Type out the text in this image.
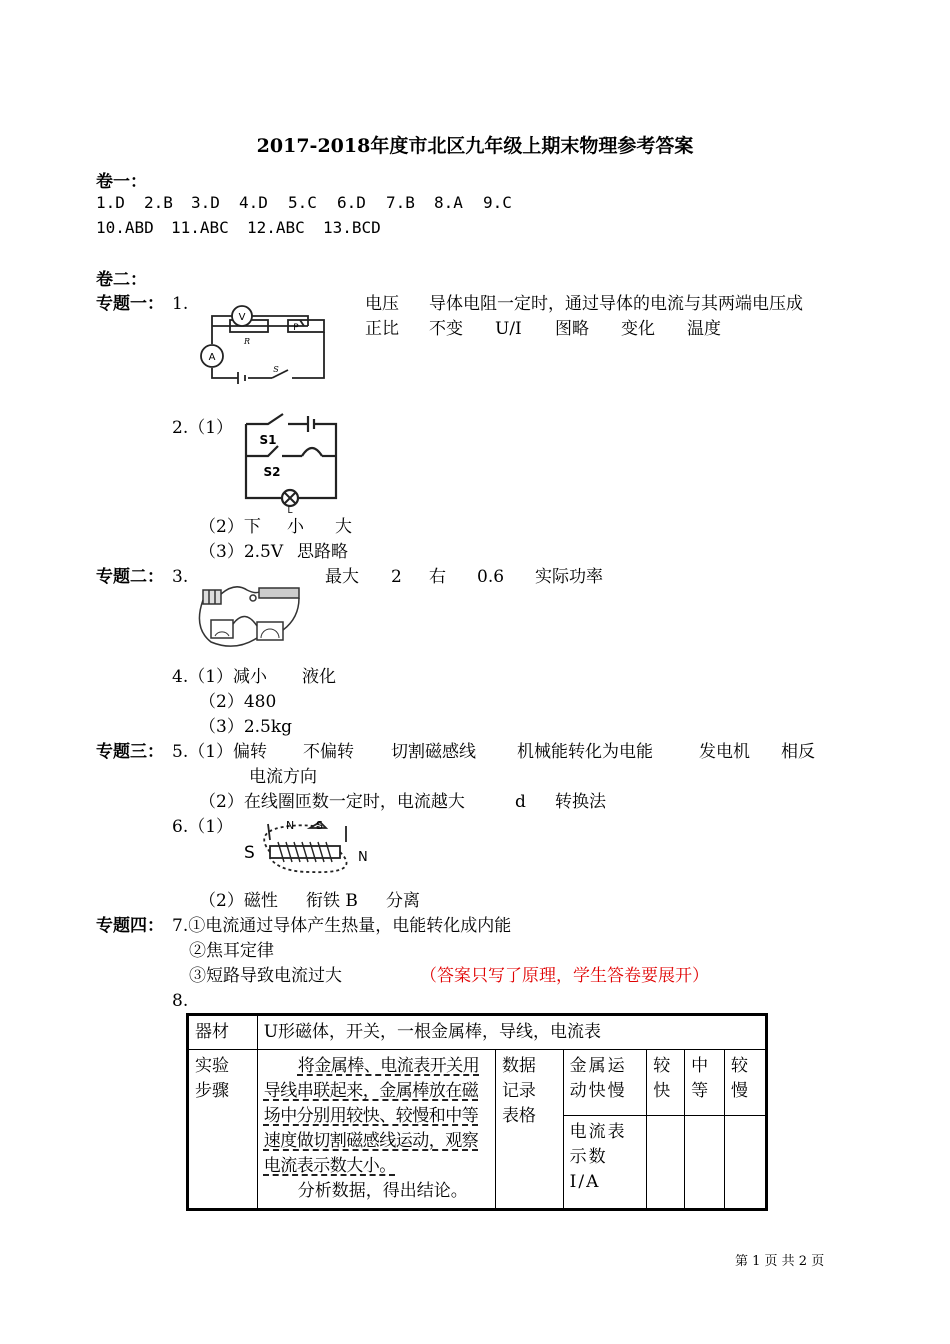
2017-2018年度市北区九年级上期末物理参考答案
卷一：
1.D 2.B 3.D 4.D 5.C 6.D 7.B 8.A 9.C
10.ABD 11.ABC 12.ABC 13.BCD
卷二：
专题一： 1.	电压 导体电阻一定时，通过导体的电流与其两端电压成
正比 不变 U/I 图略 变化 温度
V
R
P
A
S
2.（1）
S1
S2
L
（2）下 小 大
（3）2.5V 思路略
专题二： 3.	最大 2 右 0.6 实际功率
4.（1）减小 液化
（2）480
（3）2.5kg
专题三： 5.（1）偏转 不偏转 切割磁感线 机械能转化为电能	发电机 相反
电流方向
（2）在线圈匝数一定时，电流越大	d 转换法
6.（1）
S	N
N S
（2）磁性 衔铁 B 分离
专题四： 7.①电流通过导体产生热量，电能转化成内能
②焦耳定律
③短路导致电流过大	（答案只写了原理，学生答卷要展开）
8.
器材	U形磁体，开关，一根金属棒，导线，电流表					
实验步骤	将金属棒、电流表开关用导线串联起来，金属棒放在磁场中分别用较快、较慢和中等速度做切割磁感线运动，观察电流表示数大小。
分析数据，得出结论。	数据记录表格	金属运动快慢	较快	中等	较慢
			电流表示数 I/A			
第 1 页 共 2 页
